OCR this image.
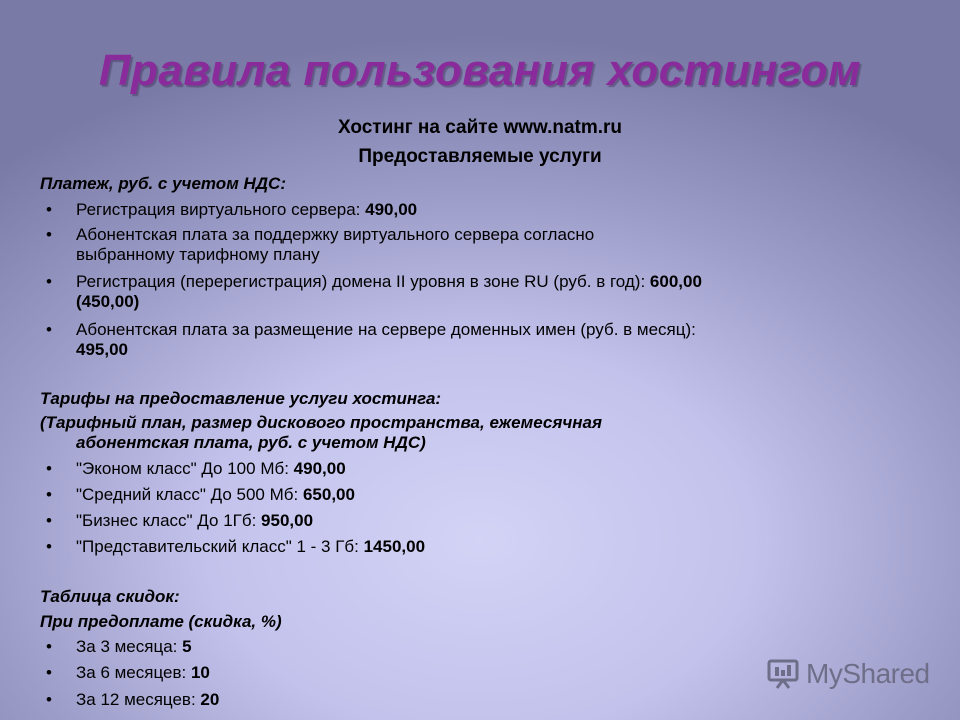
Правила пользования хостингом
Хостинг на сайте www.natm.ru
Предоставляемые услуги
Платеж, руб. с учетом НДС:
• Регистрация виртуального сервера: 490,00
• Абонентская плата за поддержку виртуального сервера согласно
выбранному тарифному плану
• Регистрация (перерегистрация) домена II уровня в зоне RU (руб. в год): 600,00
(450,00)
• Абонентская плата за размещение на сервере доменных имен (руб. в месяц):
495,00
Тарифы на предоставление услуги хостинга:
(Тарифный план, размер дискового пространства, ежемесячная
абонентская плата, руб. с учетом НДС)
• "Эконом класс" До 100 Мб: 490,00
• "Средний класс" До 500 Мб: 650,00
• "Бизнес класс" До 1Гб: 950,00
• "Представительский класс" 1 - 3 Гб: 1450,00
Таблица скидок:
При предоплате (скидка, %)
• За 3 месяца: 5
• За 6 месяцев: 10
• За 12 месяцев: 20
MyShared
